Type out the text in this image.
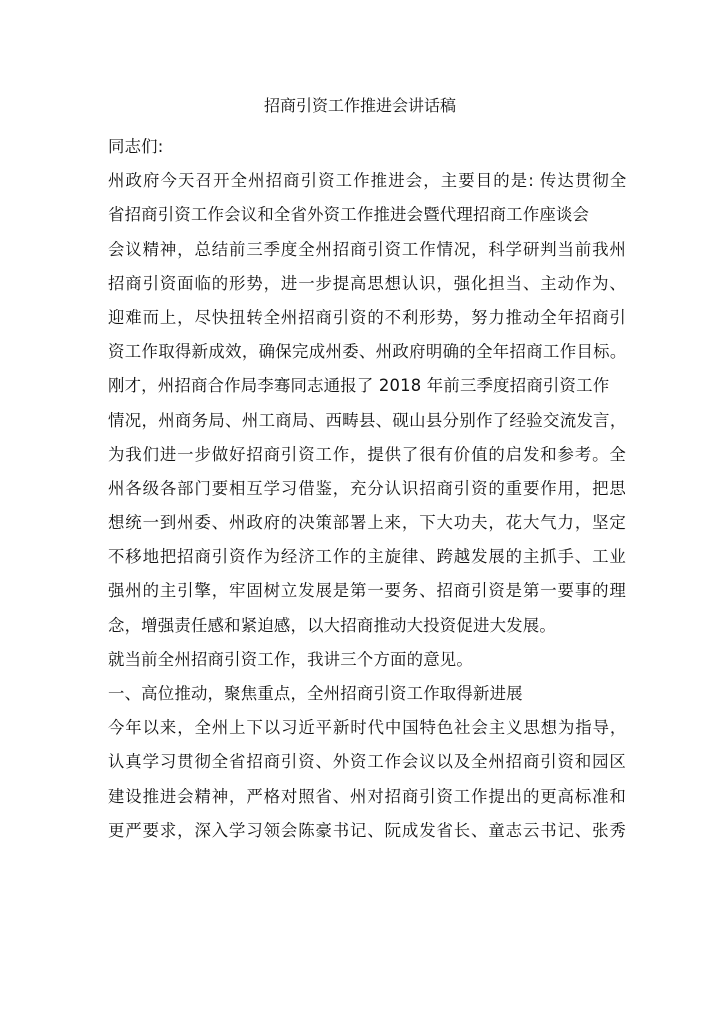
招商引资工作推进会讲话稿
同志们:
州政府今天召开全州招商引资工作推进会，主要目的是: 传达贯彻全
省招商引资工作会议和全省外资工作推进会暨代理招商工作座谈会
会议精神，总结前三季度全州招商引资工作情况，科学研判当前我州
招商引资面临的形势，进一步提高思想认识，强化担当、主动作为、
迎难而上，尽快扭转全州招商引资的不利形势，努力推动全年招商引
资工作取得新成效，确保完成州委、州政府明确的全年招商工作目标。
刚才，州招商合作局李骞同志通报了 2018 年前三季度招商引资工作
情况，州商务局、州工商局、西畴县、砚山县分别作了经验交流发言，
为我们进一步做好招商引资工作，提供了很有价值的启发和参考。全
州各级各部门要相互学习借鉴，充分认识招商引资的重要作用，把思
想统一到州委、州政府的决策部署上来，下大功夫，花大气力，坚定
不移地把招商引资作为经济工作的主旋律、跨越发展的主抓手、工业
强州的主引擎，牢固树立发展是第一要务、招商引资是第一要事的理
念，增强责任感和紧迫感，以大招商推动大投资促进大发展。
就当前全州招商引资工作，我讲三个方面的意见。
一、高位推动，聚焦重点，全州招商引资工作取得新进展
今年以来，全州上下以习近平新时代中国特色社会主义思想为指导，
认真学习贯彻全省招商引资、外资工作会议以及全州招商引资和园区
建设推进会精神，严格对照省、州对招商引资工作提出的更高标准和
更严要求，深入学习领会陈豪书记、阮成发省长、童志云书记、张秀
